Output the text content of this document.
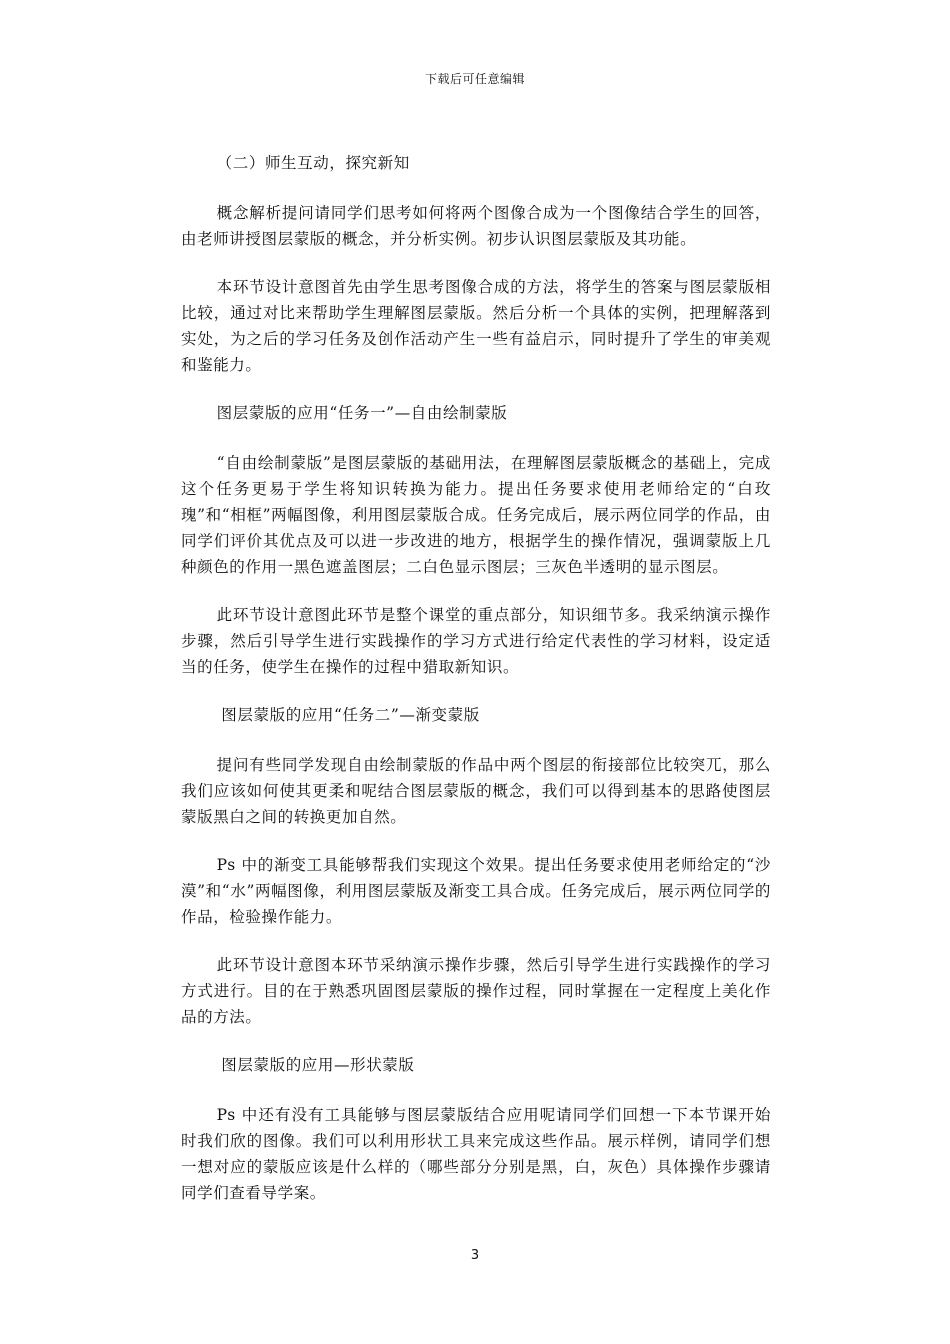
下载后可任意编辑

（二）师生互动，探究新知

概念解析提问请同学们思考如何将两个图像合成为一个图像结合学生的回答，由老师讲授图层蒙版的概念，并分析实例。初步认识图层蒙版及其功能。

本环节设计意图首先由学生思考图像合成的方法，将学生的答案与图层蒙版相比较，通过对比来帮助学生理解图层蒙版。然后分析一个具体的实例，把理解落到实处，为之后的学习任务及创作活动产生一些有益启示，同时提升了学生的审美观和鉴能力。

图层蒙版的应用“任务一”—自由绘制蒙版

“自由绘制蒙版”是图层蒙版的基础用法，在理解图层蒙版概念的基础上，完成这个任务更易于学生将知识转换为能力。提出任务要求使用老师给定的“白玫瑰”和“相框”两幅图像，利用图层蒙版合成。任务完成后，展示两位同学的作品，由同学们评价其优点及可以进一步改进的地方，根据学生的操作情况，强调蒙版上几种颜色的作用一黑色遮盖图层；二白色显示图层；三灰色半透明的显示图层。

此环节设计意图此环节是整个课堂的重点部分，知识细节多。我采纳演示操作步骤，然后引导学生进行实践操作的学习方式进行给定代表性的学习材料，设定适当的任务，使学生在操作的过程中猎取新知识。

图层蒙版的应用“任务二”—渐变蒙版

提问有些同学发现自由绘制蒙版的作品中两个图层的衔接部位比较突兀，那么我们应该如何使其更柔和呢结合图层蒙版的概念，我们可以得到基本的思路使图层蒙版黑白之间的转换更加自然。

Ps 中的渐变工具能够帮我们实现这个效果。提出任务要求使用老师给定的“沙漠”和“水”两幅图像，利用图层蒙版及渐变工具合成。任务完成后，展示两位同学的作品，检验操作能力。

此环节设计意图本环节采纳演示操作步骤，然后引导学生进行实践操作的学习方式进行。目的在于熟悉巩固图层蒙版的操作过程，同时掌握在一定程度上美化作品的方法。

图层蒙版的应用—形状蒙版

Ps 中还有没有工具能够与图层蒙版结合应用呢请同学们回想一下本节课开始时我们欣的图像。我们可以利用形状工具来完成这些作品。展示样例，请同学们想一想对应的蒙版应该是什么样的（哪些部分分别是黑，白，灰色）具体操作步骤请同学们查看导学案。

3
